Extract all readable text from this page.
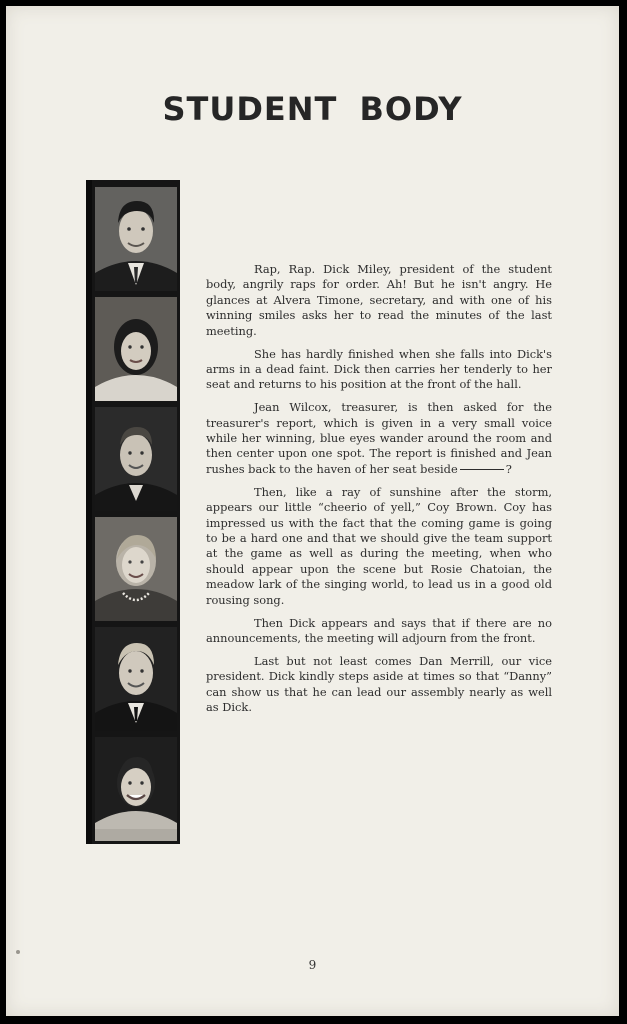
STUDENT BODY

Rap, Rap. Dick Miley, president of the student body, angrily raps for order. Ah! But he isn't angry. He glances at Alvera Timone, secretary, and with one of his winning smiles asks her to read the minutes of the last meeting.

She has hardly finished when she falls into Dick's arms in a dead faint. Dick then carries her tenderly to her seat and returns to his position at the front of the hall.

Jean Wilcox, treasurer, is then asked for the treasurer's report, which is given in a very small voice while her winning, blue eyes wander around the room and then center upon one spot. The report is finished and Jean rushes back to the haven of her seat beside	?

Then, like a ray of sunshine after the storm, appears our little “cheerio of yell,” Coy Brown. Coy has impressed us with the fact that the coming game is going to be a hard one and that we should give the team support at the game as well as during the meeting, when who should appear upon the scene but Rosie Chatoian, the meadow lark of the singing world, to lead us in a good old rousing song.

Then Dick appears and says that if there are no announcements, the meeting will adjourn from the front.

Last but not least comes Dan Merrill, our vice president. Dick kindly steps aside at times so that “Danny” can show us that he can lead our assembly nearly as well as Dick.

9
